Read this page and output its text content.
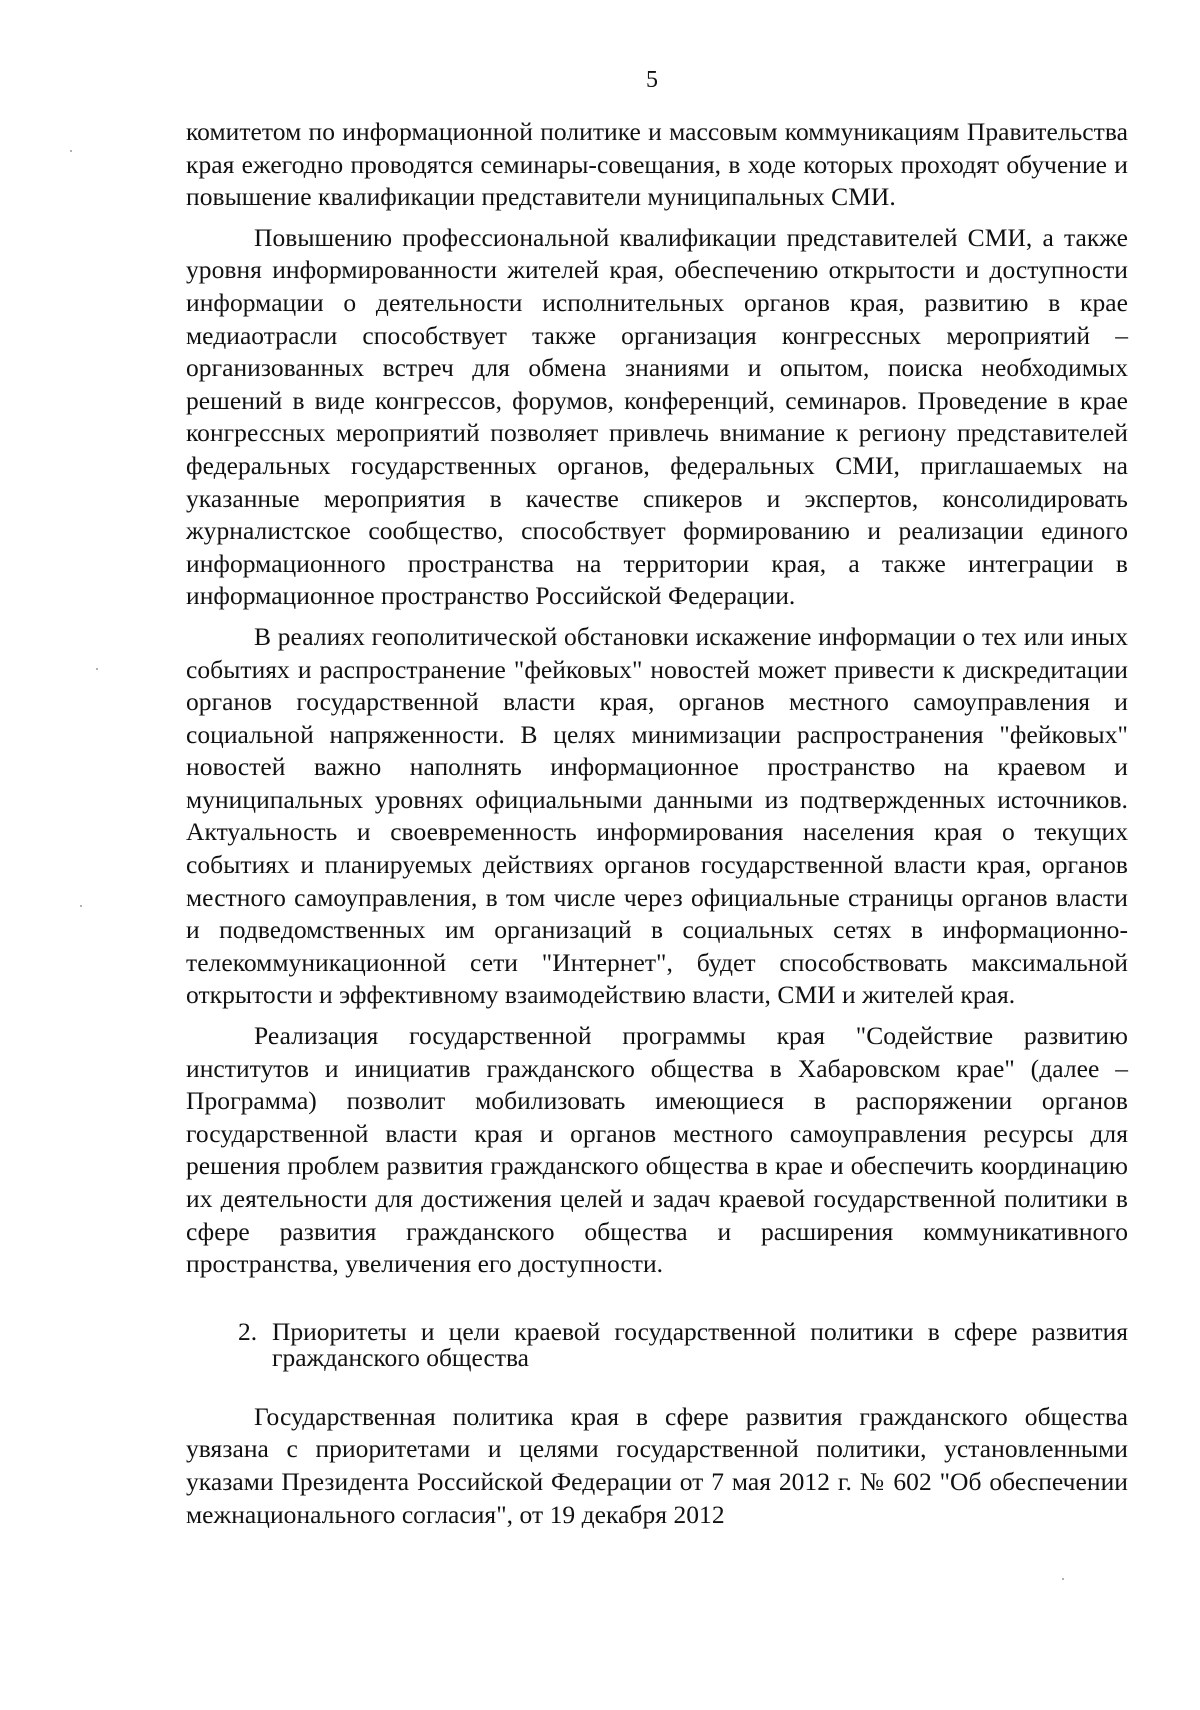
5

комитетом по информационной политике и массовым коммуникациям Правительства края ежегодно проводятся семинары-совещания, в ходе которых проходят обучение и повышение квалификации представители муниципальных СМИ.

Повышению профессиональной квалификации представителей СМИ, а также уровня информированности жителей края, обеспечению открытости и доступности информации о деятельности исполнительных органов края, развитию в крае медиаотрасли способствует также организация конгрессных мероприятий – организованных встреч для обмена знаниями и опытом, поиска необходимых решений в виде конгрессов, форумов, конференций, семинаров. Проведение в крае конгрессных мероприятий позволяет привлечь внимание к региону представителей федеральных государственных органов, федеральных СМИ, приглашаемых на указанные мероприятия в качестве спикеров и экспертов, консолидировать журналистское сообщество, способствует формированию и реализации единого информационного пространства на территории края, а также интеграции в информационное пространство Российской Федерации.

В реалиях геополитической обстановки искажение информации о тех или иных событиях и распространение "фейковых" новостей может привести к дискредитации органов государственной власти края, органов местного самоуправления и социальной напряженности. В целях минимизации распространения "фейковых" новостей важно наполнять информационное пространство на краевом и муниципальных уровнях официальными данными из подтвержденных источников. Актуальность и своевременность информирования населения края о текущих событиях и планируемых действиях органов государственной власти края, органов местного самоуправления, в том числе через официальные страницы органов власти и подведомственных им организаций в социальных сетях в информационно-телекоммуникационной сети "Интернет", будет способствовать максимальной открытости и эффективному взаимодействию власти, СМИ и жителей края.

Реализация государственной программы края "Содействие развитию институтов и инициатив гражданского общества в Хабаровском крае" (далее – Программа) позволит мобилизовать имеющиеся в распоряжении органов государственной власти края и органов местного самоуправления ресурсы для решения проблем развития гражданского общества в крае и обеспечить координацию их деятельности для достижения целей и задач краевой государственной политики в сфере развития гражданского общества и расширения коммуникативного пространства, увеличения его доступности.

2. Приоритеты и цели краевой государственной политики в сфере развития гражданского общества

Государственная политика края в сфере развития гражданского общества увязана с приоритетами и целями государственной политики, установленными указами Президента Российской Федерации от 7 мая 2012 г. № 602 "Об обеспечении межнационального согласия", от 19 декабря 2012
